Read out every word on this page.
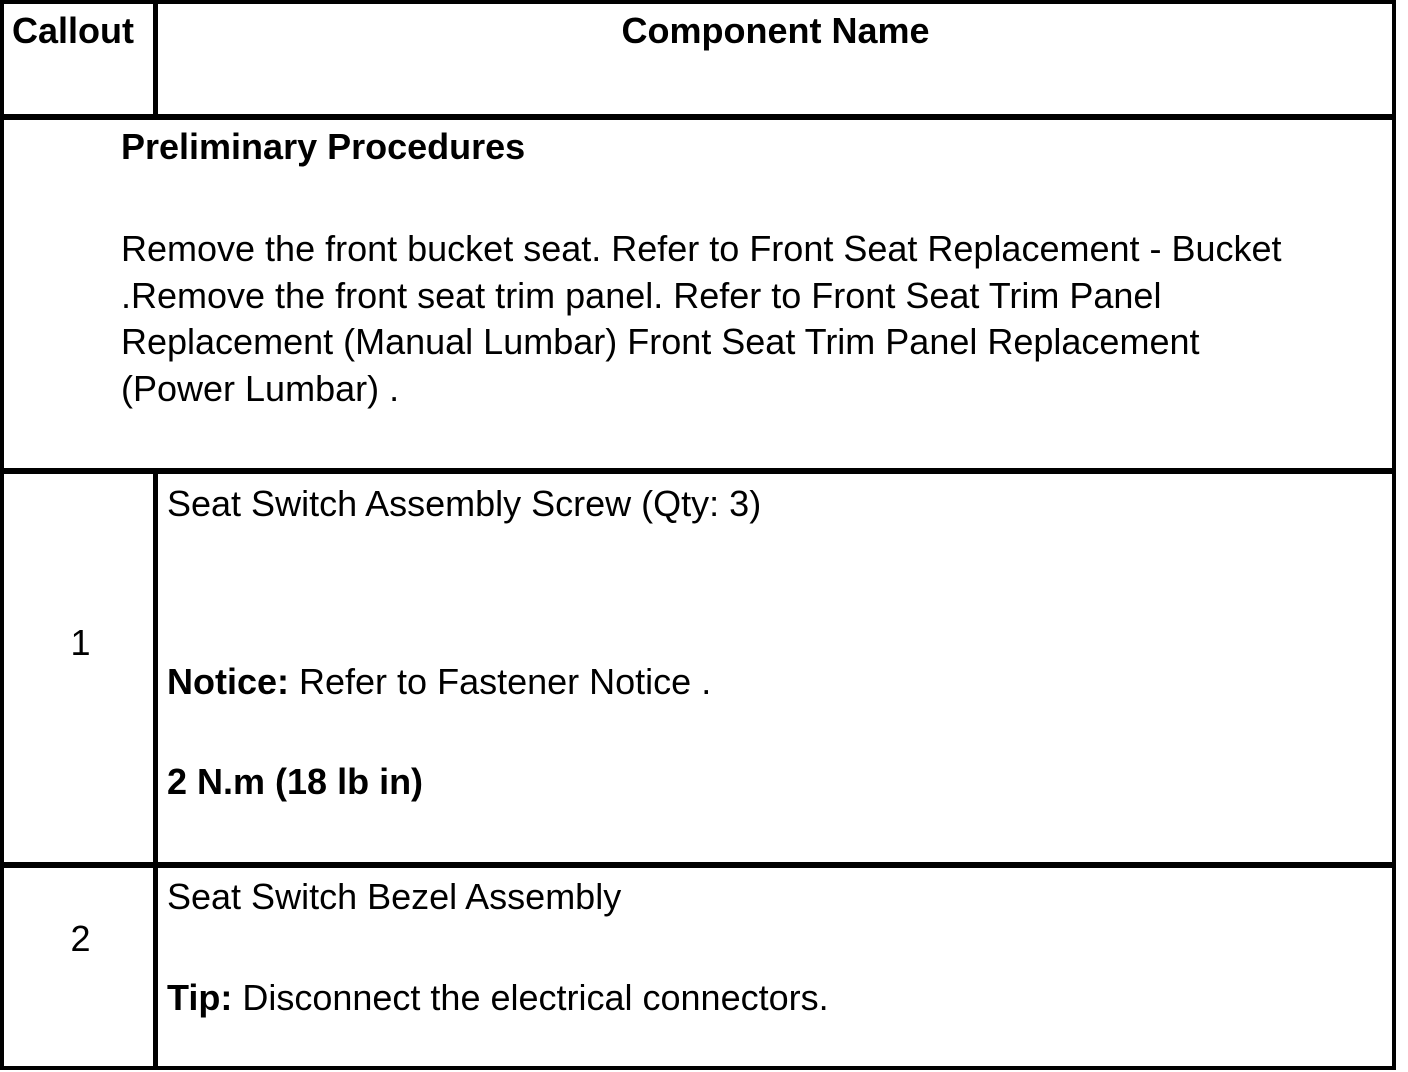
Callout	Component Name
Preliminary Procedures
Remove the front bucket seat. Refer to Front Seat Replacement - Bucket .Remove the front seat trim panel. Refer to Front Seat Trim Panel Replacement (Manual Lumbar) Front Seat Trim Panel Replacement (Power Lumbar) .
1
Seat Switch Assembly Screw (Qty: 3)
Notice: Refer to Fastener Notice .
2 N.m (18 lb in)
2
Seat Switch Bezel Assembly
Tip: Disconnect the electrical connectors.
